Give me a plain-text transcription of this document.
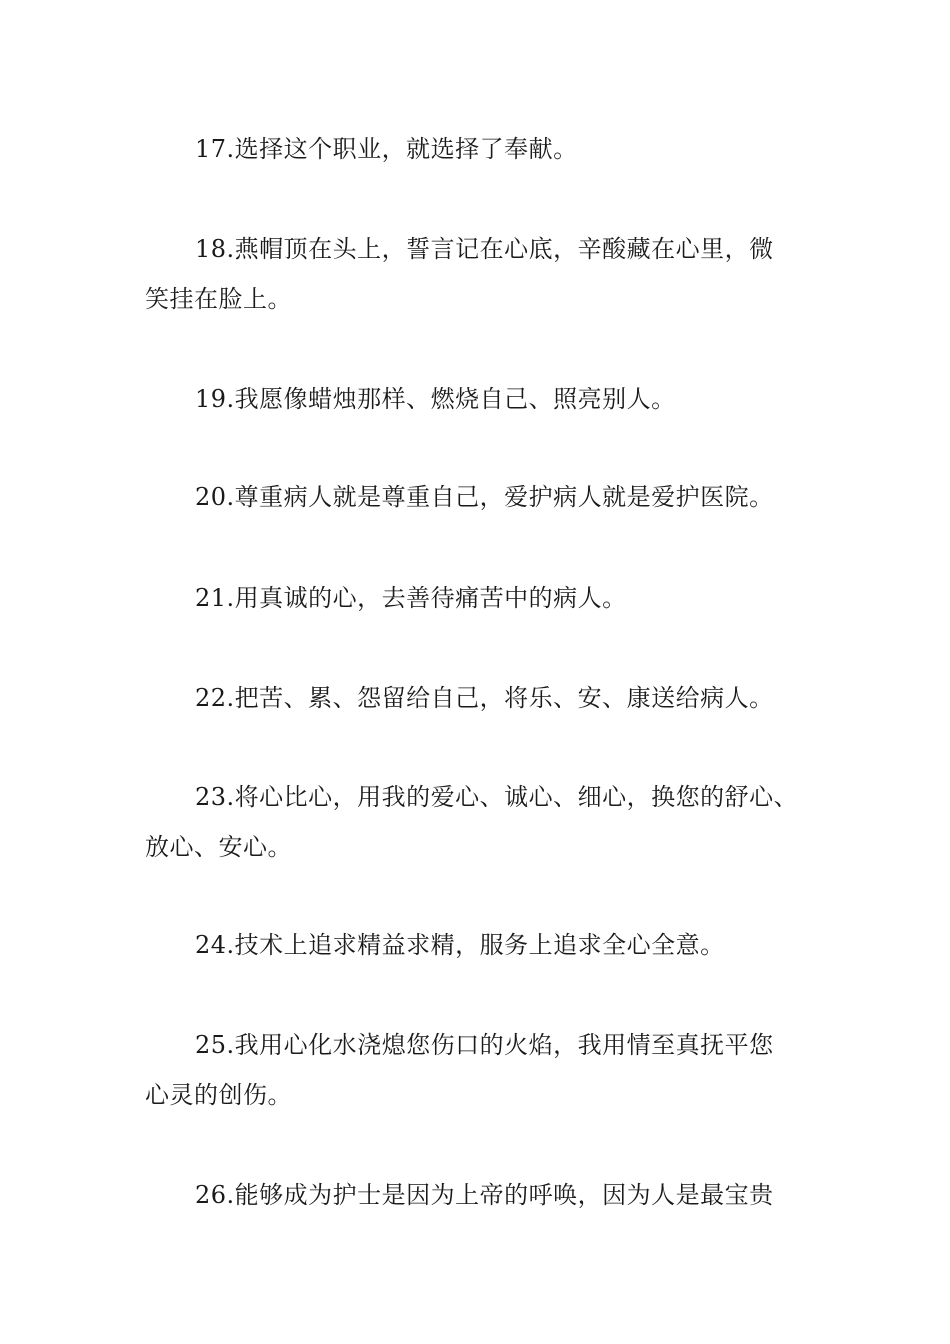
17.选择这个职业，就选择了奉献。

18.燕帽顶在头上，誓言记在心底，辛酸藏在心里，微
笑挂在脸上。

19.我愿像蜡烛那样、燃烧自己、照亮别人。

20.尊重病人就是尊重自己，爱护病人就是爱护医院。

21.用真诚的心，去善待痛苦中的病人。

22.把苦、累、怨留给自己，将乐、安、康送给病人。

23.将心比心，用我的爱心、诚心、细心，换您的舒心、
放心、安心。

24.技术上追求精益求精，服务上追求全心全意。

25.我用心化水浇熄您伤口的火焰，我用情至真抚平您
心灵的创伤。

26.能够成为护士是因为上帝的呼唤，因为人是最宝贵
